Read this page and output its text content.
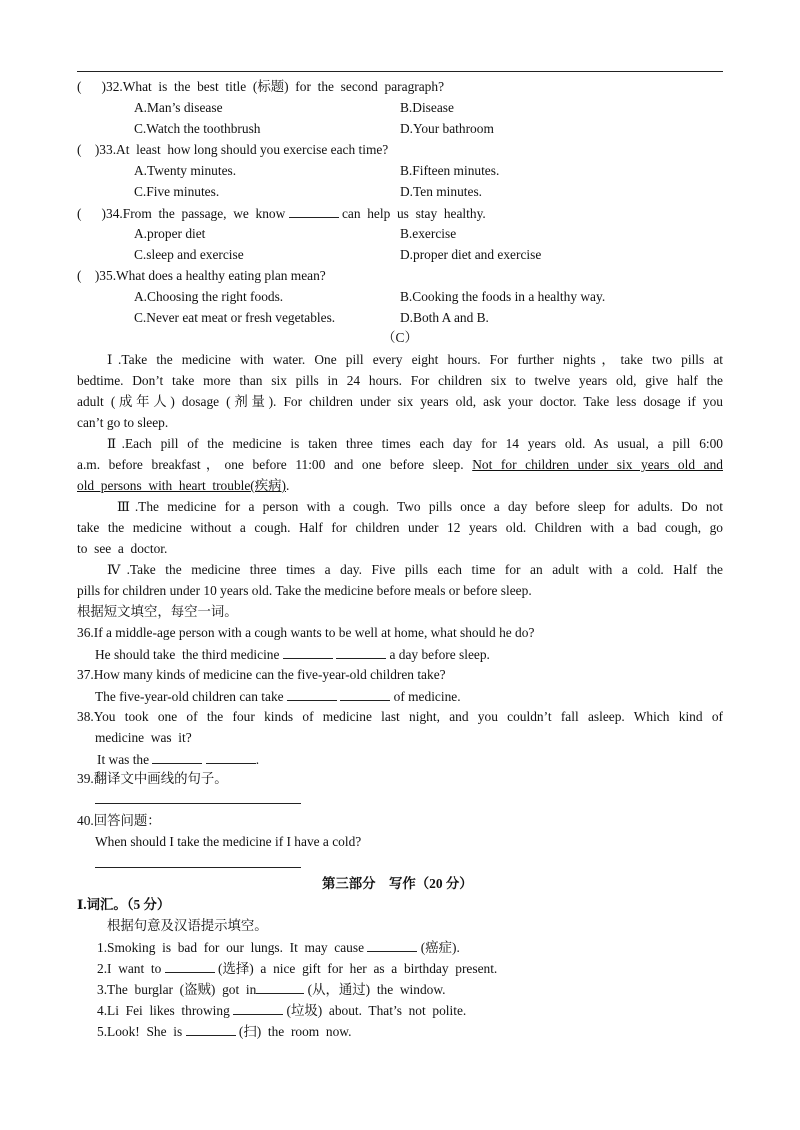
(      )32.What  is  the  best  title  (标题)  for  the  second  paragraph?
A.Man’s disease	B.Disease
C.Watch the toothbrush	D.Your bathroom
(    )33.At  least  how long should you exercise each time?
A.Twenty minutes.	B.Fifteen minutes.
C.Five minutes.	D.Ten minutes.
(      )34.From  the  passage,  we  know	can  help  us  stay  healthy.
A.proper diet	B.exercise
C.sleep and exercise	D.proper diet and exercise
(    )35.What does a healthy eating plan mean?
A.Choosing the right foods.	B.Cooking the foods in a healthy way.
C.Never eat meat or fresh vegetables.	D.Both A and B.
（C）
Ⅰ.Take the medicine with water. One pill every eight hours. For further nights，take two pills at
bedtime. Don’t take more than six pills in 24 hours. For children six to twelve years old, give half the
adult (成年人) dosage (剂量). For children under six years old, ask your doctor. Take less dosage if you
can’t go to sleep.
Ⅱ.Each pill of the medicine is taken three times each day for 14 years old. As usual, a pill 6:00
a.m. before breakfast，one before 11:00 and one before sleep. Not for children under six years old and
old  persons  with  heart  trouble(疾病).
Ⅲ.The medicine for a person with a cough. Two pills once a day before sleep for adults. Do not
take the medicine without a cough. Half for children under 12 years old. Children with a bad cough, go
to  see  a  doctor.
Ⅳ.Take the medicine three times a day. Five pills each time for an adult with a cold. Half the
pills for children under 10 years old. Take the medicine before meals or before sleep.
根据短文填空，每空一词。
36.If a middle-age person with a cough wants to be well at home, what should he do?
He should take  the third medicine	a day before sleep.
37.How many kinds of medicine can the five-year-old children take?
The five-year-old children can take	of medicine.
38.You took one of the four kinds of medicine last night, and you couldn’t fall asleep. Which kind of
medicine  was  it?
It was the	.
39.翻译文中画线的句子。
40.回答问题：
When should I take the medicine if I have a cold?
第三部分    写作（20 分）
Ⅰ.词汇。（5 分）
根据句意及汉语提示填空。
1.Smoking  is  bad  for  our  lungs.  It  may  cause	(癌症).
2.I  want  to	(选择)  a  nice  gift  for  her  as  a  birthday  present.
3.The  burglar  (盗贼)  got  in	(从，通过)  the  window.
4.Li  Fei  likes  throwing	(垃圾)  about.  That’s  not  polite.
5.Look!  She  is	(扫)  the  room  now.
